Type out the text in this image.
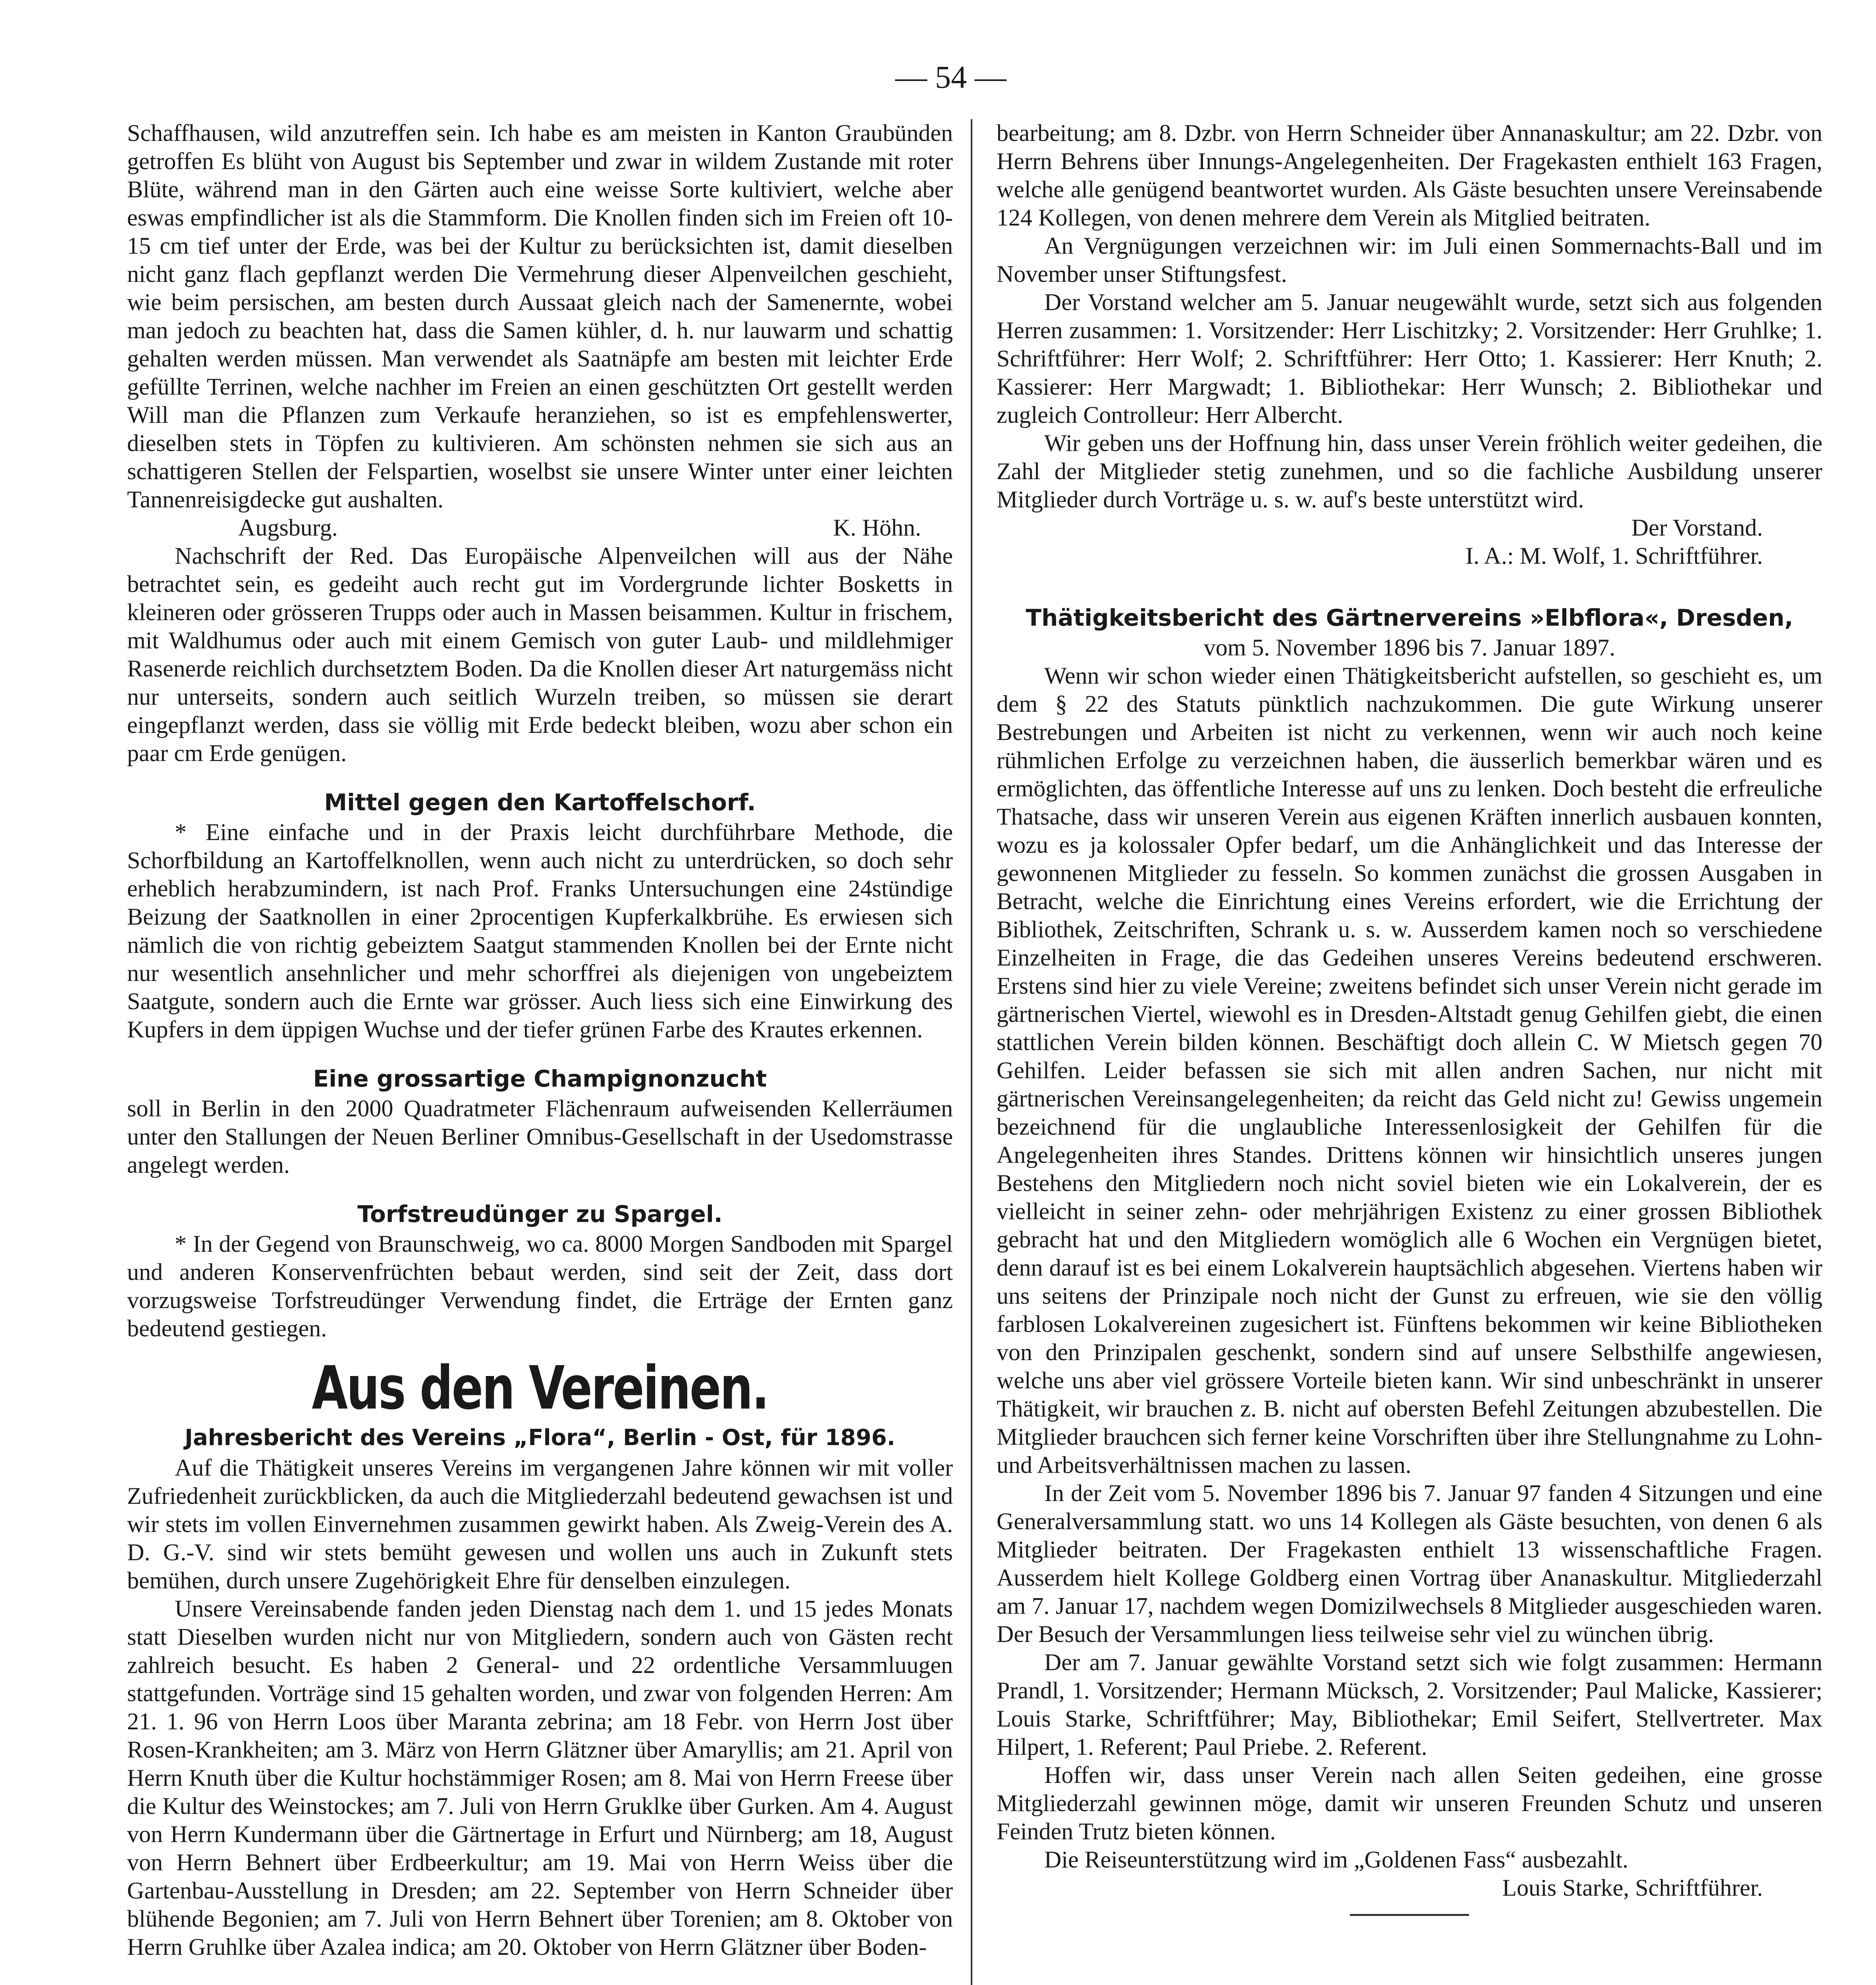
— 54 —

Schaffhausen, wild anzutreffen sein. Ich habe es am meisten in Kanton Graubünden getroffen Es blüht von August bis September und zwar in wildem Zustande mit roter Blüte, während man in den Gärten auch eine weisse Sorte kultiviert, welche aber eswas empfindlicher ist als die Stammform. Die Knollen finden sich im Freien oft 10-15 cm tief unter der Erde, was bei der Kultur zu berücksichten ist, damit dieselben nicht ganz flach gepflanzt werden Die Vermehrung dieser Alpenveilchen geschieht, wie beim persischen, am besten durch Aussaat gleich nach der Samenernte, wobei man jedoch zu beachten hat, dass die Samen kühler, d. h. nur lauwarm und schattig gehalten werden müssen. Man verwendet als Saatnäpfe am besten mit leichter Erde gefüllte Terrinen, welche nachher im Freien an einen geschützten Ort gestellt werden Will man die Pflanzen zum Verkaufe heranziehen, so ist es empfehlenswerter, dieselben stets in Töpfen zu kultivieren. Am schönsten nehmen sie sich aus an schattigeren Stellen der Felspartien, woselbst sie unsere Winter unter einer leichten Tannenreisigdecke gut aushalten.

Augsburg.	K. Höhn.

Nachschrift der Red. Das Europäische Alpenveilchen will aus der Nähe betrachtet sein, es gedeiht auch recht gut im Vordergrunde lichter Bosketts in kleineren oder grösseren Trupps oder auch in Massen beisammen. Kultur in frischem, mit Waldhumus oder auch mit einem Gemisch von guter Laub- und mildlehmiger Rasenerde reichlich durchsetztem Boden. Da die Knollen dieser Art naturgemäss nicht nur unterseits, sondern auch seitlich Wurzeln treiben, so müssen sie derart eingepflanzt werden, dass sie völlig mit Erde bedeckt bleiben, wozu aber schon ein paar cm Erde genügen.

Mittel gegen den Kartoffelschorf.

* Eine einfache und in der Praxis leicht durchführbare Methode, die Schorfbildung an Kartoffelknollen, wenn auch nicht zu unterdrücken, so doch sehr erheblich herabzumindern, ist nach Prof. Franks Untersuchungen eine 24stündige Beizung der Saatknollen in einer 2procentigen Kupferkalkbrühe. Es erwiesen sich nämlich die von richtig gebeiztem Saatgut stammenden Knollen bei der Ernte nicht nur wesentlich ansehnlicher und mehr schorffrei als diejenigen von ungebeiztem Saatgute, sondern auch die Ernte war grösser. Auch liess sich eine Einwirkung des Kupfers in dem üppigen Wuchse und der tiefer grünen Farbe des Krautes erkennen.

Eine grossartige Champignonzucht

soll in Berlin in den 2000 Quadratmeter Flächenraum aufweisenden Kellerräumen unter den Stallungen der Neuen Berliner Omnibus-Gesellschaft in der Usedomstrasse angelegt werden.

Torfstreudünger zu Spargel.

* In der Gegend von Braunschweig, wo ca. 8000 Morgen Sandboden mit Spargel und anderen Konservenfrüchten bebaut werden, sind seit der Zeit, dass dort vorzugsweise Torfstreudünger Verwendung findet, die Erträge der Ernten ganz bedeutend gestiegen.

Aus den Vereinen.
Jahresbericht des Vereins „Flora“, Berlin - Ost, für 1896.

Auf die Thätigkeit unseres Vereins im vergangenen Jahre können wir mit voller Zufriedenheit zurückblicken, da auch die Mitgliederzahl bedeutend gewachsen ist und wir stets im vollen Einvernehmen zusammen gewirkt haben. Als Zweig-Verein des A. D. G.-V. sind wir stets bemüht gewesen und wollen uns auch in Zukunft stets bemühen, durch unsere Zugehörigkeit Ehre für denselben einzulegen.

Unsere Vereinsabende fanden jeden Dienstag nach dem 1. und 15 jedes Monats statt Dieselben wurden nicht nur von Mitgliedern, sondern auch von Gästen recht zahlreich besucht. Es haben 2 General- und 22 ordentliche Versammluugen stattgefunden. Vorträge sind 15 gehalten worden, und zwar von folgenden Herren: Am 21. 1. 96 von Herrn Loos über Maranta zebrina; am 18 Febr. von Herrn Jost über Rosen-Krankheiten; am 3. März von Herrn Glätzner über Amaryllis; am 21. April von Herrn Knuth über die Kultur hochstämmiger Rosen; am 8. Mai von Herrn Freese über die Kultur des Weinstockes; am 7. Juli von Herrn Gruklke über Gurken. Am 4. August von Herrn Kundermann über die Gärtnertage in Erfurt und Nürnberg; am 18, August von Herrn Behnert über Erdbeerkultur; am 19. Mai von Herrn Weiss über die Gartenbau-Ausstellung in Dresden; am 22. September von Herrn Schneider über blühende Begonien; am 7. Juli von Herrn Behnert über Torenien; am 8. Oktober von Herrn Gruhlke über Azalea indica; am 20. Oktober von Herrn Glätzner über Boden-

bearbeitung; am 8. Dzbr. von Herrn Schneider über Annanaskultur; am 22. Dzbr. von Herrn Behrens über Innungs-Angelegenheiten. Der Fragekasten enthielt 163 Fragen, welche alle genügend beantwortet wurden. Als Gäste besuchten unsere Vereinsabende 124 Kollegen, von denen mehrere dem Verein als Mitglied beitraten.

An Vergnügungen verzeichnen wir: im Juli einen Sommernachts-Ball und im November unser Stiftungsfest.

Der Vorstand welcher am 5. Januar neugewählt wurde, setzt sich aus folgenden Herren zusammen: 1. Vorsitzender: Herr Lischitzky; 2. Vorsitzender: Herr Gruhlke; 1. Schriftführer: Herr Wolf; 2. Schriftführer: Herr Otto; 1. Kassierer: Herr Knuth; 2. Kassierer: Herr Margwadt; 1. Bibliothekar: Herr Wunsch; 2. Bibliothekar und zugleich Controlleur: Herr Albercht.

Wir geben uns der Hoffnung hin, dass unser Verein fröhlich weiter gedeihen, die Zahl der Mitglieder stetig zunehmen, und so die fachliche Ausbildung unserer Mitglieder durch Vorträge u. s. w. auf's beste unterstützt wird.

Der Vorstand.
I. A.: M. Wolf, 1. Schriftführer.
Thätigkeitsbericht des Gärtnervereins »Elbflora«, Dresden,
vom 5. November 1896 bis 7. Januar 1897.

Wenn wir schon wieder einen Thätigkeitsbericht aufstellen, so geschieht es, um dem § 22 des Statuts pünktlich nachzukommen. Die gute Wirkung unserer Bestrebungen und Arbeiten ist nicht zu verkennen, wenn wir auch noch keine rühmlichen Erfolge zu verzeichnen haben, die äusserlich bemerkbar wären und es ermöglichten, das öffentliche Interesse auf uns zu lenken. Doch besteht die erfreuliche Thatsache, dass wir unseren Verein aus eigenen Kräften innerlich ausbauen konnten, wozu es ja kolossaler Opfer bedarf, um die Anhänglichkeit und das Interesse der gewonnenen Mitglieder zu fesseln. So kommen zunächst die grossen Ausgaben in Betracht, welche die Einrichtung eines Vereins erfordert, wie die Errichtung der Bibliothek, Zeitschriften, Schrank u. s. w. Ausserdem kamen noch so verschiedene Einzelheiten in Frage, die das Gedeihen unseres Vereins bedeutend erschweren. Erstens sind hier zu viele Vereine; zweitens befindet sich unser Verein nicht gerade im gärtnerischen Viertel, wiewohl es in Dresden-Altstadt genug Gehilfen giebt, die einen stattlichen Verein bilden können. Beschäftigt doch allein C. W Mietsch gegen 70 Gehilfen. Leider befassen sie sich mit allen andren Sachen, nur nicht mit gärtnerischen Vereinsangelegenheiten; da reicht das Geld nicht zu! Gewiss ungemein bezeichnend für die unglaubliche Interessenlosigkeit der Gehilfen für die Angelegenheiten ihres Standes. Drittens können wir hinsichtlich unseres jungen Bestehens den Mitgliedern noch nicht soviel bieten wie ein Lokalverein, der es vielleicht in seiner zehn- oder mehrjährigen Existenz zu einer grossen Bibliothek gebracht hat und den Mitgliedern womöglich alle 6 Wochen ein Vergnügen bietet, denn darauf ist es bei einem Lokalverein hauptsächlich abgesehen. Viertens haben wir uns seitens der Prinzipale noch nicht der Gunst zu erfreuen, wie sie den völlig farblosen Lokalvereinen zugesichert ist. Fünftens bekommen wir keine Bibliotheken von den Prinzipalen geschenkt, sondern sind auf unsere Selbsthilfe angewiesen, welche uns aber viel grössere Vorteile bieten kann. Wir sind unbeschränkt in unserer Thätigkeit, wir brauchen z. B. nicht auf obersten Befehl Zeitungen abzubestellen. Die Mitglieder brauchcen sich ferner keine Vorschriften über ihre Stellungnahme zu Lohn- und Arbeitsverhältnissen machen zu lassen.

In der Zeit vom 5. November 1896 bis 7. Januar 97 fanden 4 Sitzungen und eine Generalversammlung statt. wo uns 14 Kollegen als Gäste besuchten, von denen 6 als Mitglieder beitraten. Der Fragekasten enthielt 13 wissenschaftliche Fragen. Ausserdem hielt Kollege Goldberg einen Vortrag über Ananaskultur. Mitgliederzahl am 7. Januar 17, nachdem wegen Domizilwechsels 8 Mitglieder ausgeschieden waren. Der Besuch der Versammlungen liess teilweise sehr viel zu wünchen übrig.

Der am 7. Januar gewählte Vorstand setzt sich wie folgt zusammen: Hermann Prandl, 1. Vorsitzender; Hermann Mücksch, 2. Vorsitzender; Paul Malicke, Kassierer; Louis Starke, Schriftführer; May, Bibliothekar; Emil Seifert, Stellvertreter. Max Hilpert, 1. Referent; Paul Priebe. 2. Referent.

Hoffen wir, dass unser Verein nach allen Seiten gedeihen, eine grosse Mitgliederzahl gewinnen möge, damit wir unseren Freunden Schutz und unseren Feinden Trutz bieten können.

Die Reiseunterstützung wird im „Goldenen Fass“ ausbezahlt.

Louis Starke, Schriftführer.
